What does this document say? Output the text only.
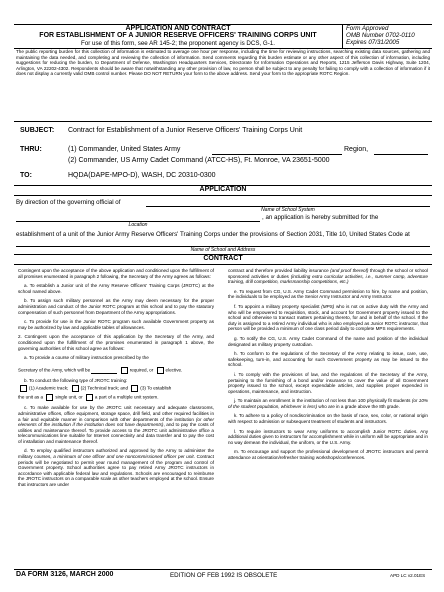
APPLICATION AND CONTRACT
FOR ESTABLISHMENT OF A JUNIOR RESERVE OFFICERS' TRAINING CORPS UNIT
For use of this form, see AR 145-2; the proponent agency is DCS, G-1.
Form Approved
OMB Number 0702-0110
Expires 07/31/2005
The public reporting burden for this collection of information is estimated to average one hour per response, including the time for reviewing instructions, searching existing data sources, gathering and maintaining the data needed, and completing and reviewing the collection of information. Send comments regarding this burden estimate or any other aspect of this collection of information, including suggestions for reducing the burden, to Department of Defense, Washington Headquarters Services, Directorate for Information Operations and Reports, 1215 Jefferson Davis Highway, Suite 1204, Arlington, VA 22202-4302. Respondents should be aware that notwithstanding any other provision of law, no person shall be subject to any penalty for failing to comply with a collection of information if it does not display a currently valid OMB control number. Please DO NOT RETURN your form to the above address. Send your form to the appropriate ROTC Region.
SUBJECT: Contract for Establishment of a Junior Reserve Officers' Training Corps Unit
THRU:	(1) Commander, United States Army	Region,
(2) Commander, US Army Cadet Command (ATCC-HS), Ft. Monroe, VA 23651-5000
TO:	HQDA(DAPE-MPO-D), WASH, DC 20310-0300
APPLICATION
By direction of the governing official of
Name of School System
, an application is hereby submitted for the
Location
establishment of a unit of the Junior Army Reserve Officers' Training Corps under the provisions of Section 2031, Title 10, United States Code at
Name of School and Address
CONTRACT

Contingent upon the acceptance of the above application and conditioned upon the fulfillment of all promises enumerated in paragraph 2 following, the Secretary of the Army agrees as follows:

a. To establish a Junior unit of the Army Reserve Officers' Training Corps (JROTC) at the school named above.

b. To assign such military personnel as the Army may deem necessary for the proper administration and conduct of the Junior ROTC program at this school and to pay the statutory compensation of such personnel from Department of the Army appropriations.

c. To provide for use in the Junior ROTC program such available Government property as may be authorized by law and applicable tables of allowances.

2. Contingent upon the acceptance of this application by the Secretary of the Army, and conditioned upon the fulfillment of the promises enumerated in paragraph 1 above, the governing authorities of this school agree as follows:

a. To provide a course of military instruction prescribed by the

Secretary of the Army, which will be	required, or	elective.

b. To conduct the following type of JROTC training:

(1) Academic track;	(2) Technical track; and	(3) To establish

the unit as a	single unit, or	a part of a multiple unit system.

c. To make available for use by the JROTC unit necessary and adequate classrooms, administrative offices, office equipment, storage space, drill field, and other required facilities in a fair and equitable manner in comparison with other departments of the institution (or other elements of the institution if the institution does not have departments), and to pay the costs of utilities and maintenance thereof. To provide access to the JROTC unit administrative office a telecommunications line suitable for Internet connectivity and data transfer and to pay the cost of installation and maintenance thereof.

d. To employ qualified instructors authorized and approved by the Army to administer the military courses, a minimum of one officer and one noncommissioned officer per unit. Contract periods will be negotiated to permit year round management of the program and control of Government property. School authorities agree to pay retired Army JROTC instructors in accordance with applicable federal law and regulations. Schools are encouraged to reimburse the JROTC instructors on a comparable scale as other teachers employed at the school. Ensure that instructors are under

contract and therefore provided liability insurance (and proof thereof) through the school or school sponsored activities or duties (including extra curricular activities, i.e., summer camp, adventure training, drill competition, marksmanship competitions, etc.)

e. To request from CG, U.S. Army Cadet Command permission to hire, by name and position, the individuals to be employed as the Senior Army Instructor and Army Instructor.

f. To appoint a military property specialist (MPS) who is not on active duty with the Army and who will be empowered to requisition, stock, and account for Government property issued to the school and otherwise to transact matters pertaining thereto, for and in behalf of the school. If the duty is assigned to a retired Army individual who is also employed as Junior ROTC instructor, that person will be provided a minimum of one class period daily to complete MPS requirements.

g. To notify the CG, U.S. Army Cadet Command of the name and position of the individual designated as military property custodian.

h. To conform to the regulations of the Secretary of the Army relating to issue, care, use, safekeeping, turn-in, and accounting for such Government property as may be issued to the school.

i. To comply with the provisions of law, and the regulations of the Secretary of the Army, pertaining to the furnishing of a bond and/or insurance to cover the value of all Government property issued to the school, except expendable articles, and supplies proper expended in operations, maintenance, and instruction.

j. To maintain an enrollment in the institution of not less than 100 physically fit students (or 10% of the student population, whichever is less) who are in a grade above the 8th grade.

k. To adhere to a policy of nondiscrimination on the basis of race, sex, color, or national origin with respect to admission or subsequent treatment of students and instructors.

l. To require instructors to wear Army uniforms to accomplish Junior ROTC duties. Any additional duties given to instructors for accomplishment while in uniform will be appropriate and in no way demean the individual, the uniform, or the U.S. Army.

m. To encourage and support the professional development of JROTC instructors and permit attendance at orientation/refresher training workshops/conferences.

DA FORM 3126, MARCH 2000	EDITION OF FEB 1992 IS OBSOLETE	APD LC v2.01ES
